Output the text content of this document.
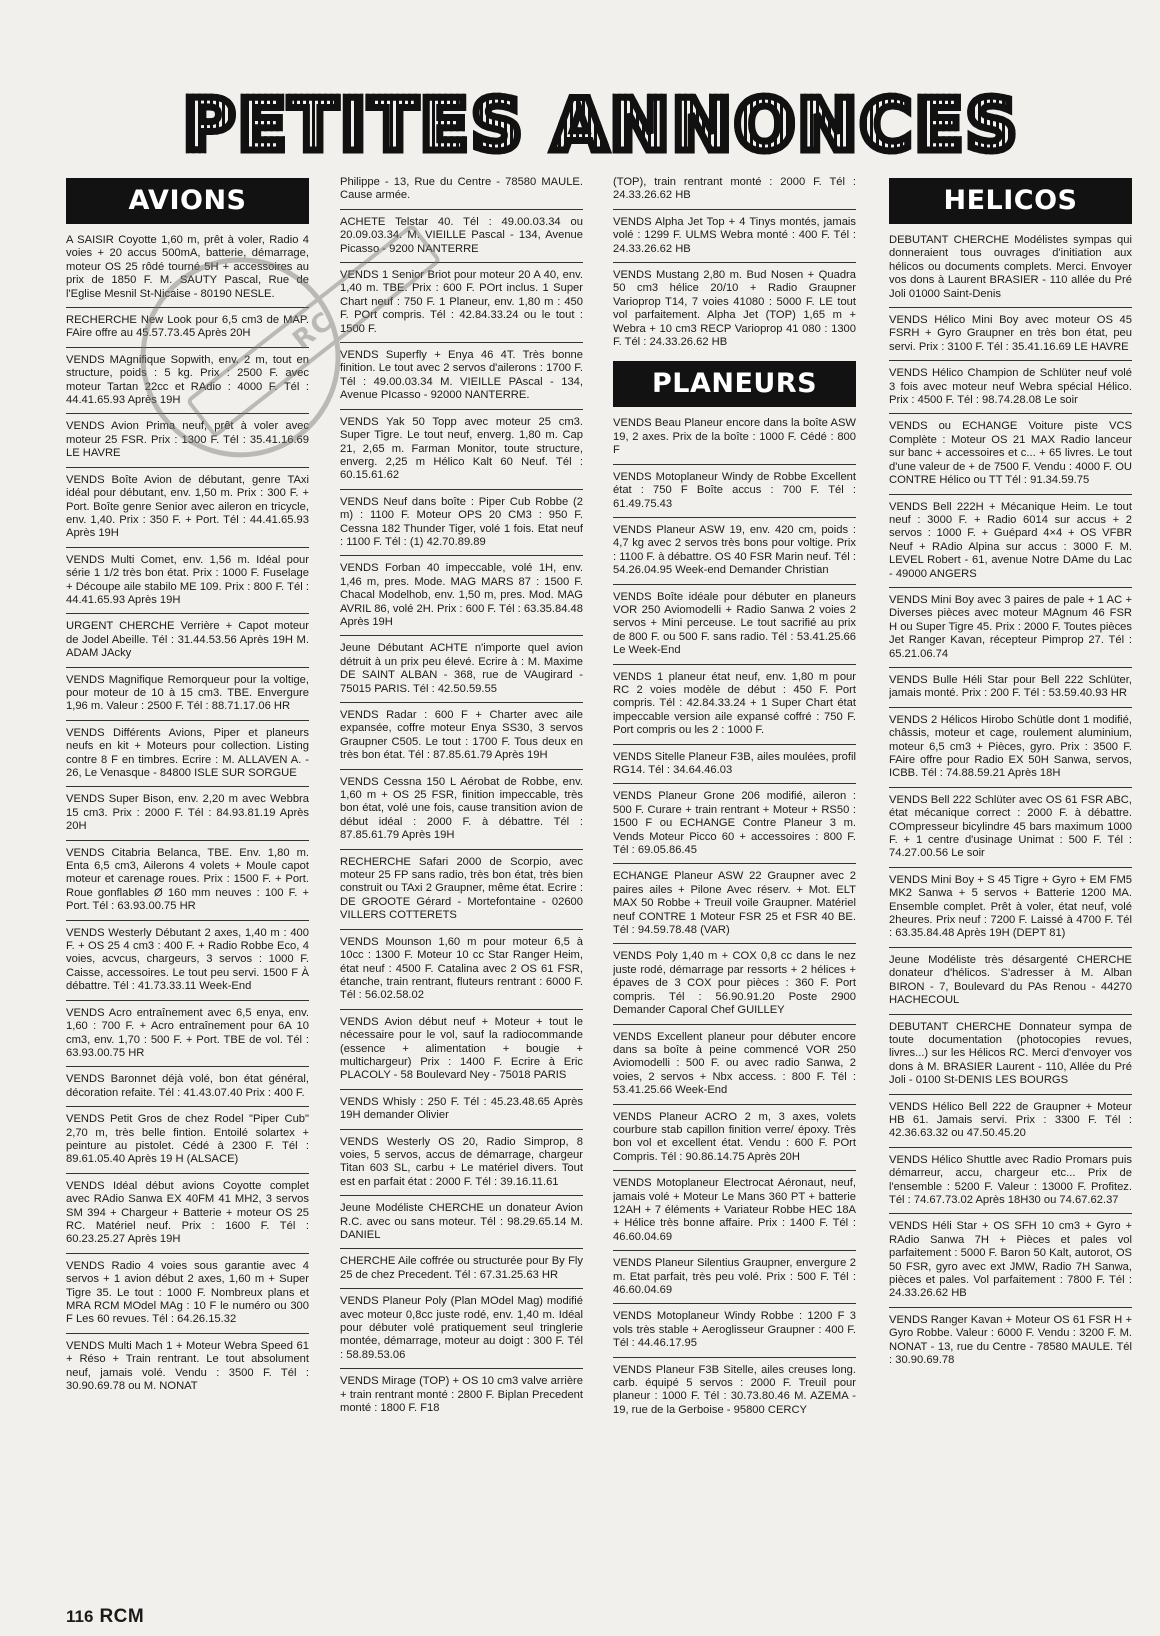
PETITES ANNONCES
AVIONS

A SAISIR Coyotte 1,60 m, prêt à voler, Radio 4 voies + 20 accus 500mA, batterie, démarrage, moteur OS 25 rôdé tourné 5H + accessoires au prix de 1850 F. M. SAUTY Pascal, Rue de l'Eglise Mesnil St-Nicaise - 80190 NESLE.

RECHERCHE New Look pour 6,5 cm3 de MAP. FAire offre au 45.57.73.45 Après 20H

VENDS MAgnifique Sopwith, env. 2 m, tout en structure, poids : 5 kg. Prix : 2500 F. avec moteur Tartan 22cc et RAdio : 4000 F. Tél : 44.41.65.93 Après 19H

VENDS Avion Prima neuf, prêt à voler avec moteur 25 FSR. Prix : 1300 F. Tél : 35.41.16.69 LE HAVRE

VENDS Boîte Avion de débutant, genre TAxi idéal pour débutant, env. 1,50 m. Prix : 300 F. + Port. Boîte genre Senior avec aileron en tricycle, env. 1,40. Prix : 350 F. + Port. Tél : 44.41.65.93 Après 19H

VENDS Multi Comet, env. 1,56 m. Idéal pour série 1 1/2 très bon état. Prix : 1000 F. Fuselage + Découpe aile stabilo ME 109. Prix : 800 F. Tél : 44.41.65.93 Après 19H

URGENT CHERCHE Verrière + Capot moteur de Jodel Abeille. Tél : 31.44.53.56 Après 19H M. ADAM JAcky

VENDS Magnifique Remorqueur pour la voltige, pour moteur de 10 à 15 cm3. TBE. Envergure 1,96 m. Valeur : 2500 F. Tél : 88.71.17.06 HR

VENDS Différents Avions, Piper et planeurs neufs en kit + Moteurs pour collection. Listing contre 8 F en timbres. Ecrire : M. ALLAVEN A. - 26, Le Venasque - 84800 ISLE SUR SORGUE

VENDS Super Bison, env. 2,20 m avec Webbra 15 cm3. Prix : 2000 F. Tél : 84.93.81.19 Après 20H

VENDS Citabria Belanca, TBE. Env. 1,80 m. Enta 6,5 cm3, Ailerons 4 volets + Moule capot moteur et carenage roues. Prix : 1500 F. + Port. Roue gonflables Ø 160 mm neuves : 100 F. + Port. Tél : 63.93.00.75 HR

VENDS Westerly Débutant 2 axes, 1,40 m : 400 F. + OS 25 4 cm3 : 400 F. + Radio Robbe Eco, 4 voies, acvcus, chargeurs, 3 servos : 1000 F. Caisse, accessoires. Le tout peu servi. 1500 F À débattre. Tél : 41.73.33.11 Week-End

VENDS Acro entraînement avec 6,5 enya, env. 1,60 : 700 F. + Acro entraînement pour 6A 10 cm3, env. 1,70 : 500 F. + Port. TBE de vol. Tél : 63.93.00.75 HR

VENDS Baronnet déjà volé, bon état général, décoration refaite. Tél : 41.43.07.40 Prix : 400 F.

VENDS Petit Gros de chez Rodel "Piper Cub" 2,70 m, très belle fintion. Entoilé solartex + peinture au pistolet. Cédé à 2300 F. Tél : 89.61.05.40 Après 19 H (ALSACE)

VENDS Idéal début avions Coyotte complet avec RAdio Sanwa EX 40FM 41 MH2, 3 servos SM 394 + Chargeur + Batterie + moteur OS 25 RC. Matériel neuf. Prix : 1600 F. Tél : 60.23.25.27 Après 19H

VENDS Radio 4 voies sous garantie avec 4 servos + 1 avion début 2 axes, 1,60 m + Super Tigre 35. Le tout : 1000 F. Nombreux plans et MRA RCM MOdel MAg : 10 F le numéro ou 300 F Les 60 revues. Tél : 64.26.15.32

VENDS Multi Mach 1 + Moteur Webra Speed 61 + Réso + Train rentrant. Le tout absolument neuf, jamais volé. Vendu : 3500 F. Tél : 30.90.69.78 ou M. NONAT

Philippe - 13, Rue du Centre - 78580 MAULE. Cause armée.

ACHETE Telstar 40. Tél : 49.00.03.34 ou 20.09.03.34. M. VIEILLE Pascal - 134, Avenue Picasso - 9200 NANTERRE

VENDS 1 Senior Briot pour moteur 20 A 40, env. 1,40 m. TBE. Prix : 600 F. POrt inclus. 1 Super Chart neuf : 750 F. 1 Planeur, env. 1,80 m : 450 F. POrt compris. Tél : 42.84.33.24 ou le tout : 1500 F.

VENDS Superfly + Enya 46 4T. Très bonne finition. Le tout avec 2 servos d'ailerons : 1700 F. Tél : 49.00.03.34 M. VIEILLE PAscal - 134, Avenue PIcasso - 92000 NANTERRE.

VENDS Yak 50 Topp avec moteur 25 cm3. Super Tigre. Le tout neuf, enverg. 1,80 m. Cap 21, 2,65 m. Farman Monitor, toute structure, enverg. 2,25 m Hélico Kalt 60 Neuf. Tél : 60.15.61.62

VENDS Neuf dans boîte : Piper Cub Robbe (2 m) : 1100 F. Moteur OPS 20 CM3 : 950 F. Cessna 182 Thunder Tiger, volé 1 fois. Etat neuf : 1100 F. Tél : (1) 42.70.89.89

VENDS Forban 40 impeccable, volé 1H, env. 1,46 m, pres. Mode. MAG MARS 87 : 1500 F. Chacal Modelhob, env. 1,50 m, pres. Mod. MAG AVRIL 86, volé 2H. Prix : 600 F. Tél : 63.35.84.48 Après 19H

Jeune Débutant ACHTE n'importe quel avion détruit à un prix peu élevé. Ecrire à : M. Maxime DE SAINT ALBAN - 368, rue de VAugirard - 75015 PARIS. Tél : 42.50.59.55

VENDS Radar : 600 F + Charter avec aile expansée, coffre moteur Enya SS30, 3 servos Graupner C505. Le tout : 1700 F. Tous deux en très bon état. Tél : 87.85.61.79 Après 19H

VENDS Cessna 150 L Aérobat de Robbe, env. 1,60 m + OS 25 FSR, finition impeccable, très bon état, volé une fois, cause transition avion de début idéal : 2000 F. à débattre. Tél : 87.85.61.79 Après 19H

RECHERCHE Safari 2000 de Scorpio, avec moteur 25 FP sans radio, très bon état, très bien construit ou TAxi 2 Graupner, même état. Ecrire : DE GROOTE Gérard - Mortefontaine - 02600 VILLERS COTTERETS

VENDS Mounson 1,60 m pour moteur 6,5 à 10cc : 1300 F. Moteur 10 cc Star Ranger Heim, état neuf : 4500 F. Catalina avec 2 OS 61 FSR, étanche, train rentrant, fluteurs rentrant : 6000 F. Tél : 56.02.58.02

VENDS Avion début neuf + Moteur + tout le nécessaire pour le vol, sauf la radiocommande (essence + alimentation + bougie + multichargeur) Prix : 1400 F. Ecrire à Eric PLACOLY - 58 Boulevard Ney - 75018 PARIS

VENDS Whisly : 250 F. Tél : 45.23.48.65 Après 19H demander Olivier

VENDS Westerly OS 20, Radio Simprop, 8 voies, 5 servos, accus de démarrage, chargeur Titan 603 SL, carbu + Le matériel divers. Tout est en parfait état : 2000 F. Tél : 39.16.11.61

Jeune Modéliste CHERCHE un donateur Avion R.C. avec ou sans moteur. Tél : 98.29.65.14 M. DANIEL

CHERCHE Aile coffrée ou structurée pour By Fly 25 de chez Precedent. Tél : 67.31.25.63 HR

VENDS Planeur Poly (Plan MOdel Mag) modifié avec moteur 0,8cc juste rodé, env. 1,40 m. Idéal pour débuter volé pratiquement seul tringlerie montée, démarrage, moteur au doigt : 300 F. Tél : 58.89.53.06

VENDS Mirage (TOP) + OS 10 cm3 valve arrière + train rentrant monté : 2800 F. Biplan Precedent monté : 1800 F. F18

(TOP), train rentrant monté : 2000 F. Tél : 24.33.26.62 HB

VENDS Alpha Jet Top + 4 Tinys montés, jamais volé : 1299 F. ULMS Webra monté : 400 F. Tél : 24.33.26.62 HB

VENDS Mustang 2,80 m. Bud Nosen + Quadra 50 cm3 hélice 20/10 + Radio Graupner Varioprop T14, 7 voies 41080 : 5000 F. LE tout vol parfaitement. Alpha Jet (TOP) 1,65 m + Webra + 10 cm3 RECP Varioprop 41 080 : 1300 F. Tél : 24.33.26.62 HB

PLANEURS

VENDS Beau Planeur encore dans la boîte ASW 19, 2 axes. Prix de la boîte : 1000 F. Cédé : 800 F

VENDS Motoplaneur Windy de Robbe Excellent état : 750 F Boîte accus : 700 F. Tél : 61.49.75.43

VENDS Planeur ASW 19, env. 420 cm, poids : 4,7 kg avec 2 servos très bons pour voltige. Prix : 1100 F. à débattre. OS 40 FSR Marin neuf. Tél : 54.26.04.95 Week-end Demander Christian

VENDS Boîte idéale pour débuter en planeurs VOR 250 Aviomodelli + Radio Sanwa 2 voies 2 servos + Mini perceuse. Le tout sacrifié au prix de 800 F. ou 500 F. sans radio. Tél : 53.41.25.66 Le Week-End

VENDS 1 planeur état neuf, env. 1,80 m pour RC 2 voies modèle de début : 450 F. Port compris. Tél : 42.84.33.24 + 1 Super Chart état impeccable version aile expansé coffré : 750 F. Port compris ou les 2 : 1000 F.

VENDS Sitelle Planeur F3B, ailes moulées, profil RG14. Tél : 34.64.46.03

VENDS Planeur Grone 206 modifié, aileron : 500 F. Curare + train rentrant + Moteur + RS50 : 1500 F ou ECHANGE Contre Planeur 3 m. Vends Moteur Picco 60 + accessoires : 800 F. Tél : 69.05.86.45

ECHANGE Planeur ASW 22 Graupner avec 2 paires ailes + Pilone Avec réserv. + Mot. ELT MAX 50 Robbe + Treuil voile Graupner. Matériel neuf CONTRE 1 Moteur FSR 25 et FSR 40 BE. Tél : 94.59.78.48 (VAR)

VENDS Poly 1,40 m + COX 0,8 cc dans le nez juste rodé, démarrage par ressorts + 2 hélices + épaves de 3 COX pour pièces : 360 F. Port compris. Tél : 56.90.91.20 Poste 2900 Demander Caporal Chef GUILLEY

VENDS Excellent planeur pour débuter encore dans sa boîte à peine commencé VOR 250 Aviomodelli : 500 F. ou avec radio Sanwa, 2 voies, 2 servos + Nbx access. : 800 F. Tél : 53.41.25.66 Week-End

VENDS Planeur ACRO 2 m, 3 axes, volets courbure stab capillon finition verre/ époxy. Très bon vol et excellent état. Vendu : 600 F. POrt Compris. Tél : 90.86.14.75 Après 20H

VENDS Motoplaneur Electrocat Aéronaut, neuf, jamais volé + Moteur Le Mans 360 PT + batterie 12AH + 7 éléments + Variateur Robbe HEC 18A + Hélice très bonne affaire. Prix : 1400 F. Tél : 46.60.04.69

VENDS Planeur Silentius Graupner, envergure 2 m. Etat parfait, très peu volé. Prix : 500 F. Tél : 46.60.04.69

VENDS Motoplaneur Windy Robbe : 1200 F 3 vols très stable + Aeroglisseur Graupner : 400 F. Tél : 44.46.17.95

VENDS Planeur F3B Sitelle, ailes creuses long. carb. équipé 5 servos : 2000 F. Treuil pour planeur : 1000 F. Tél : 30.73.80.46 M. AZEMA - 19, rue de la Gerboise - 95800 CERCY

HELICOS

DEBUTANT CHERCHE Modélistes sympas qui donneraient tous ouvrages d'initiation aux hélicos ou documents complets. Merci. Envoyer vos dons à Laurent BRASIER - 110 allée du Pré Joli 01000 Saint-Denis

VENDS Hélico Mini Boy avec moteur OS 45 FSRH + Gyro Graupner en très bon état, peu servi. Prix : 3100 F. Tél : 35.41.16.69 LE HAVRE

VENDS Hélico Champion de Schlüter neuf volé 3 fois avec moteur neuf Webra spécial Hélico. Prix : 4500 F. Tél : 98.74.28.08 Le soir

VENDS ou ECHANGE Voiture piste VCS Complète : Moteur OS 21 MAX Radio lanceur sur banc + accessoires et c... + 65 livres. Le tout d'une valeur de + de 7500 F. Vendu : 4000 F. OU CONTRE Hélico ou TT Tél : 91.34.59.75

VENDS Bell 222H + Mécanique Heim. Le tout neuf : 3000 F. + Radio 6014 sur accus + 2 servos : 1000 F. + Guépard 4×4 + OS VFBR Neuf + RAdio Alpina sur accus : 3000 F. M. LEVEL Robert - 61, avenue Notre DAme du Lac - 49000 ANGERS

VENDS Mini Boy avec 3 paires de pale + 1 AC + Diverses pièces avec moteur MAgnum 46 FSR H ou Super Tigre 45. Prix : 2000 F. Toutes pièces Jet Ranger Kavan, récepteur Pimprop 27. Tél : 65.21.06.74

VENDS Bulle Héli Star pour Bell 222 Schlüter, jamais monté. Prix : 200 F. Tél : 53.59.40.93 HR

VENDS 2 Hélicos Hirobo Schütle dont 1 modifié, châssis, moteur et cage, roulement aluminium, moteur 6,5 cm3 + Pièces, gyro. Prix : 3500 F. FAire offre pour Radio EX 50H Sanwa, servos, ICBB. Tél : 74.88.59.21 Après 18H

VENDS Bell 222 Schlüter avec OS 61 FSR ABC, état mécanique correct : 2000 F. à débattre. COmpresseur bicylindre 45 bars maximum 1000 F. + 1 centre d'usinage Unimat : 500 F. Tél : 74.27.00.56 Le soir

VENDS Mini Boy + S 45 Tigre + Gyro + EM FM5 MK2 Sanwa + 5 servos + Batterie 1200 MA. Ensemble complet. Prêt à voler, état neuf, volé 2heures. Prix neuf : 7200 F. Laissé à 4700 F. Tél : 63.35.84.48 Après 19H (DEPT 81)

Jeune Modéliste très désargenté CHERCHE donateur d'hélicos. S'adresser à M. Alban BIRON - 7, Boulevard du PAs Renou - 44270 HACHECOUL

DEBUTANT CHERCHE Donnateur sympa de toute documentation (photocopies revues, livres...) sur les Hélicos RC. Merci d'envoyer vos dons à M. BRASIER Laurent - 110, Allée du Pré Joli - 0100 St-DENIS LES BOURGS

VENDS Hélico Bell 222 de Graupner + Moteur HB 61. Jamais servi. Prix : 3300 F. Tél : 42.36.63.32 ou 47.50.45.20

VENDS Hélico Shuttle avec Radio Promars puis démarreur, accu, chargeur etc... Prix de l'ensemble : 5200 F. Valeur : 13000 F. Profitez. Tél : 74.67.73.02 Après 18H30 ou 74.67.62.37

VENDS Héli Star + OS SFH 10 cm3 + Gyro + RAdio Sanwa 7H + Pièces et pales vol parfaitement : 5000 F. Baron 50 Kalt, autorot, OS 50 FSR, gyro avec ext JMW, Radio 7H Sanwa, pièces et pales. Vol parfaitement : 7800 F. Tél : 24.33.26.62 HB

VENDS Ranger Kavan + Moteur OS 61 FSR H + Gyro Robbe. Valeur : 6000 F. Vendu : 3200 F. M. NONAT - 13, rue du Centre - 78580 MAULE. Tél : 30.90.69.78

RC
116 RCM
